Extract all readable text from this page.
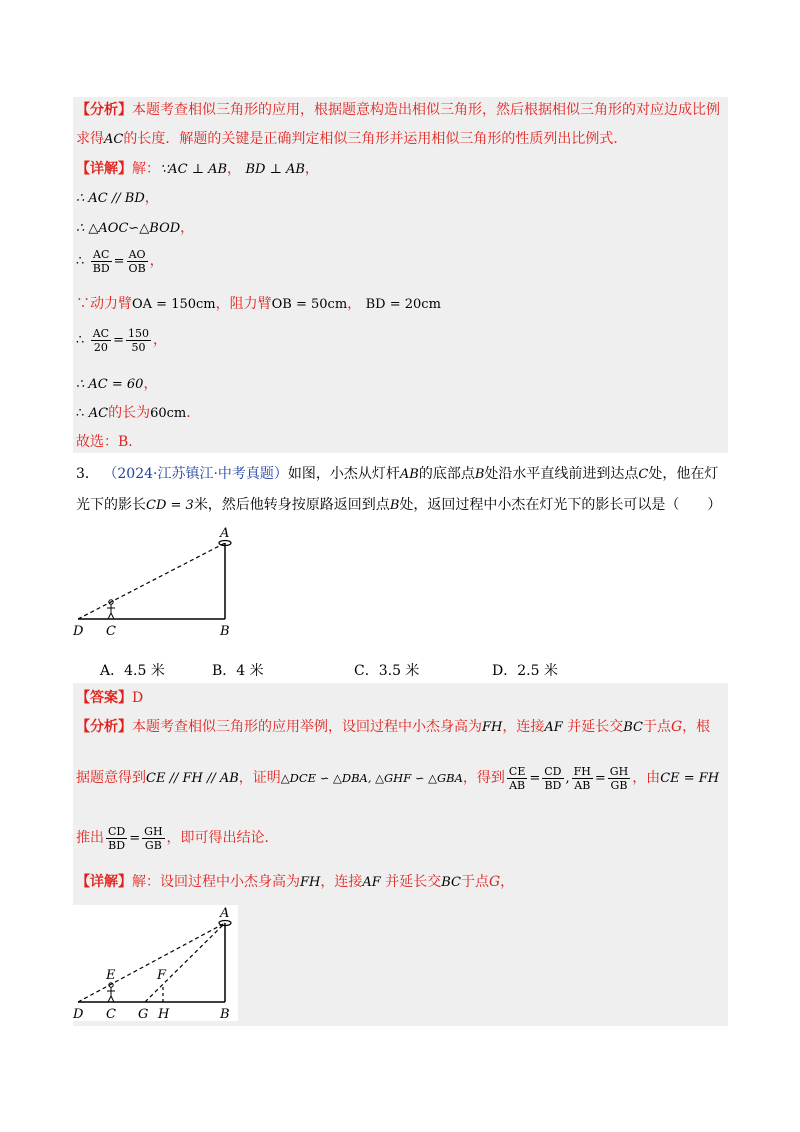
【分析】本题考查相似三角形的应用，根据题意构造出相似三角形，然后根据相似三角形的对应边成比例
求得AC的长度．解题的关键是正确判定相似三角形并运用相似三角形的性质列出比例式．
【详解】解：∵AC ⊥ AB， BD ⊥ AB，
∴ AC // BD，
∴ △AOC∽△BOD，
∴ $\frac{AC}{BD} = \frac{AO}{OB}$ ，
∵动力臂OA = 150cm，阻力臂OB = 50cm， BD = 20cm
∴ $\frac{AC}{20} = \frac{150}{50}$ ，
∴ AC = 60，
∴ AC的长为60cm．
故选：B．
3． （2024·江苏镇江·中考真题）如图，小杰从灯杆AB的底部点B处沿水平直线前进到达点C处，他在灯
光下的影长CD = 3米，然后他转身按原路返回到点B处，返回过程中小杰在灯光下的影长可以是（　　）
A
B
C
D
A．4.5 米	B．4 米	C．3.5 米	D．2.5 米
【答案】D
【分析】本题考查相似三角形的应用举例，设回过程中小杰身高为FH，连接AF 并延长交BC于点G，根
据题意得到CE // FH // AB，证明△DCE ∽ △DBA, △GHF ∽ △GBA，得到 $\frac{CE}{AB} = \frac{CD}{BD}$ , $\frac{FH}{AB} = \frac{GH}{GB}$ ，由CE = FH
推出 $\frac{CD}{BD} = \frac{GH}{GB}$ ，即可得出结论．
【详解】解：设回过程中小杰身高为FH，连接AF 并延长交BC于点G，
A
E	F
D C G H	B
